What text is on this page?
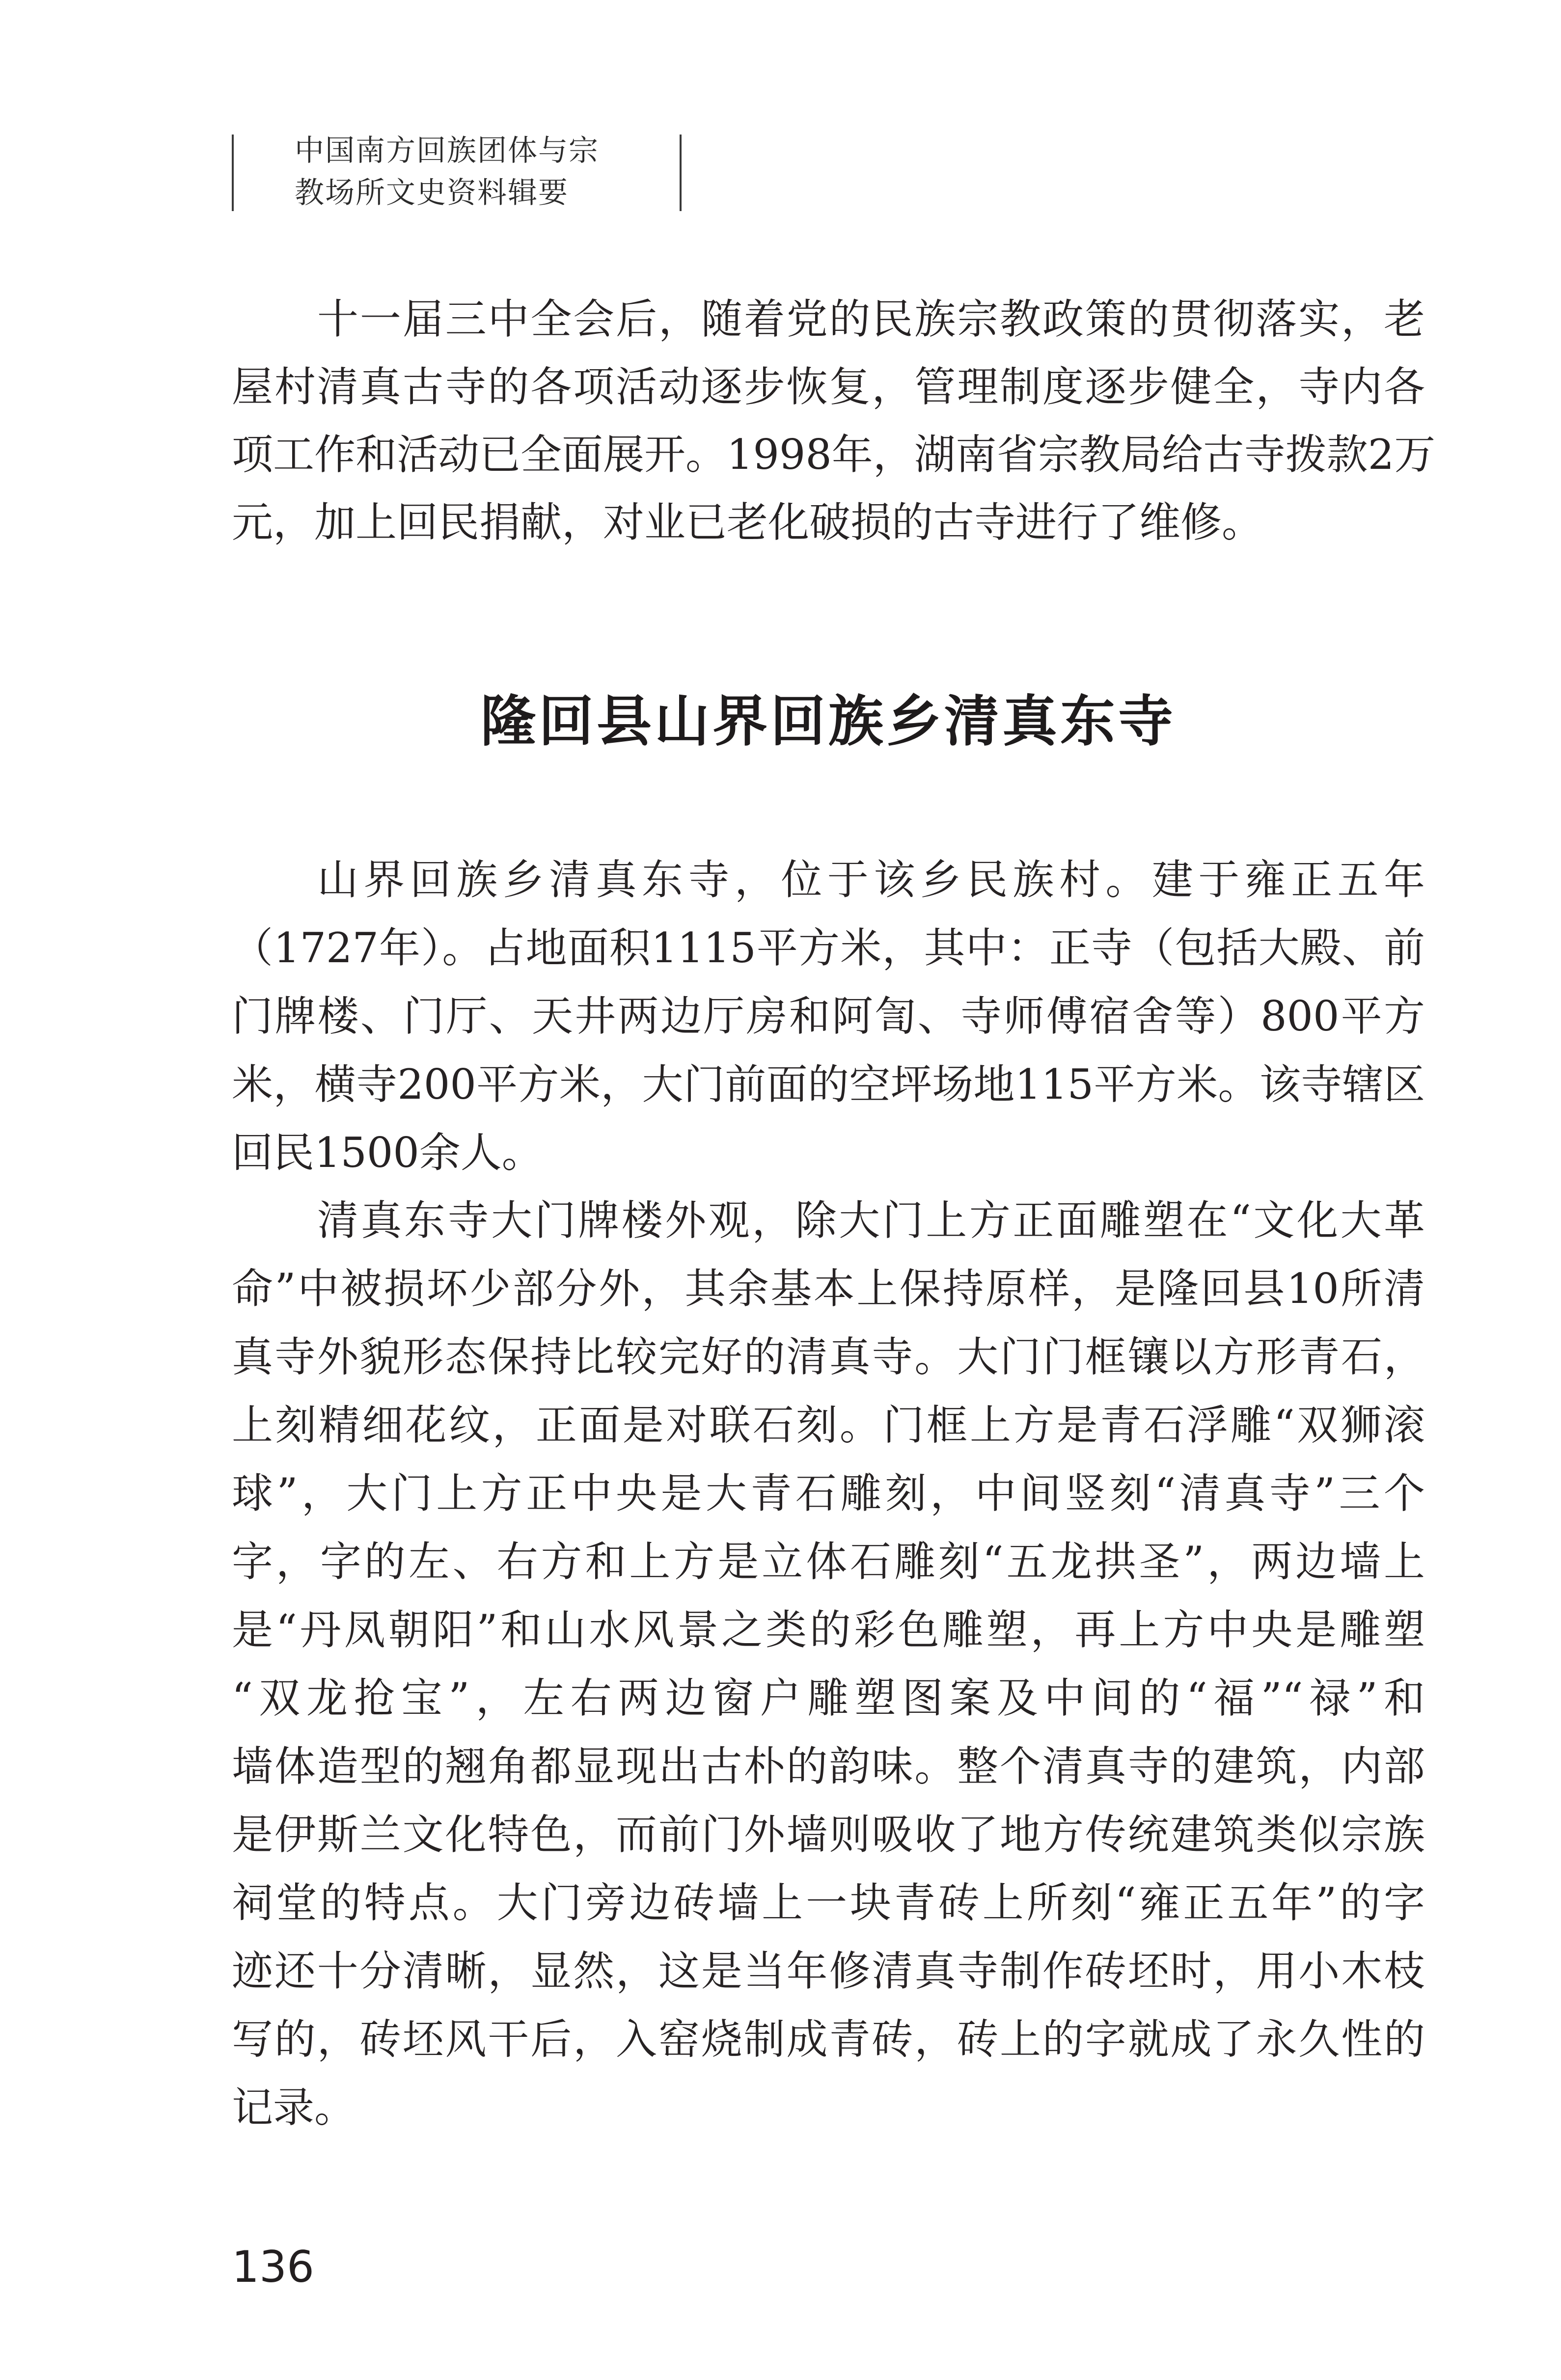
中国南方回族团体与宗
教场所文史资料辑要
十一届三中全会后，随着党的民族宗教政策的贯彻落实，老
屋村清真古寺的各项活动逐步恢复，管理制度逐步健全，寺内各
项工作和活动已全面展开。1998年，湖南省宗教局给古寺拨款2万
元，加上回民捐献，对业已老化破损的古寺进行了维修。
隆回县山界回族乡清真东寺
山界回族乡清真东寺，位于该乡民族村。建于雍正五年
（1727年）。占地面积1115平方米，其中：正寺（包括大殿、前
门牌楼、门厅、天井两边厅房和阿訇、寺师傅宿舍等）800平方
米，横寺200平方米，大门前面的空坪场地115平方米。该寺辖区
回民1500余人。
清真东寺大门牌楼外观，除大门上方正面雕塑在“文化大革
命”中被损坏少部分外，其余基本上保持原样，是隆回县10所清
真寺外貌形态保持比较完好的清真寺。大门门框镶以方形青石，
上刻精细花纹，正面是对联石刻。门框上方是青石浮雕“双狮滚
球”，大门上方正中央是大青石雕刻，中间竖刻“清真寺”三个
字，字的左、右方和上方是立体石雕刻“五龙拱圣”，两边墙上
是“丹凤朝阳”和山水风景之类的彩色雕塑，再上方中央是雕塑
“双龙抢宝”，左右两边窗户雕塑图案及中间的“福”“禄”和
墙体造型的翘角都显现出古朴的韵味。整个清真寺的建筑，内部
是伊斯兰文化特色，而前门外墙则吸收了地方传统建筑类似宗族
祠堂的特点。大门旁边砖墙上一块青砖上所刻“雍正五年”的字
迹还十分清晰，显然，这是当年修清真寺制作砖坯时，用小木枝
写的，砖坯风干后，入窑烧制成青砖，砖上的字就成了永久性的
记录。
136
